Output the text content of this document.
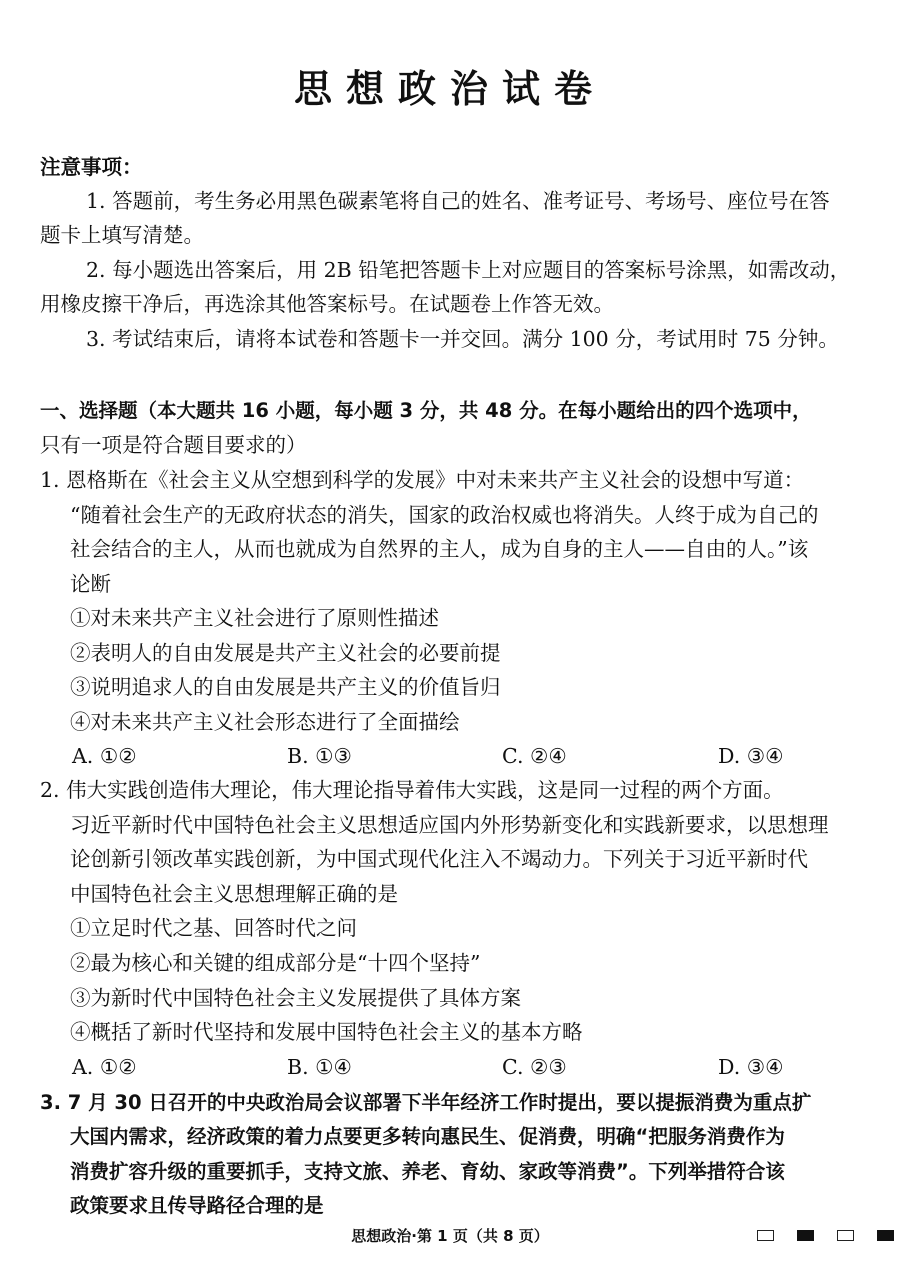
思想政治试卷
注意事项：
1. 答题前，考生务必用黑色碳素笔将自己的姓名、准考证号、考场号、座位号在答
题卡上填写清楚。
2. 每小题选出答案后，用 2B 铅笔把答题卡上对应题目的答案标号涂黑，如需改动，
用橡皮擦干净后，再选涂其他答案标号。在试题卷上作答无效。
3. 考试结束后，请将本试卷和答题卡一并交回。满分 100 分，考试用时 75 分钟。
一、选择题（本大题共 16 小题，每小题 3 分，共 48 分。在每小题给出的四个选项中，
只有一项是符合题目要求的）
1. 恩格斯在《社会主义从空想到科学的发展》中对未来共产主义社会的设想中写道：
“随着社会生产的无政府状态的消失，国家的政治权威也将消失。人终于成为自己的
社会结合的主人，从而也就成为自然界的主人，成为自身的主人——自由的人。”该
论断
①对未来共产主义社会进行了原则性描述
②表明人的自由发展是共产主义社会的必要前提
③说明追求人的自由发展是共产主义的价值旨归
④对未来共产主义社会形态进行了全面描绘
A. ①②	B. ①③	C. ②④	D. ③④
2. 伟大实践创造伟大理论，伟大理论指导着伟大实践，这是同一过程的两个方面。
习近平新时代中国特色社会主义思想适应国内外形势新变化和实践新要求，以思想理
论创新引领改革实践创新，为中国式现代化注入不竭动力。下列关于习近平新时代
中国特色社会主义思想理解正确的是
①立足时代之基、回答时代之问
②最为核心和关键的组成部分是“十四个坚持”
③为新时代中国特色社会主义发展提供了具体方案
④概括了新时代坚持和发展中国特色社会主义的基本方略
A. ①②	B. ①④	C. ②③	D. ③④
3. 7 月 30 日召开的中央政治局会议部署下半年经济工作时提出，要以提振消费为重点扩
大国内需求，经济政策的着力点要更多转向惠民生、促消费，明确“把服务消费作为
消费扩容升级的重要抓手，支持文旅、养老、育幼、家政等消费”。下列举措符合该
政策要求且传导路径合理的是
思想政治·第 1 页（共 8 页）
